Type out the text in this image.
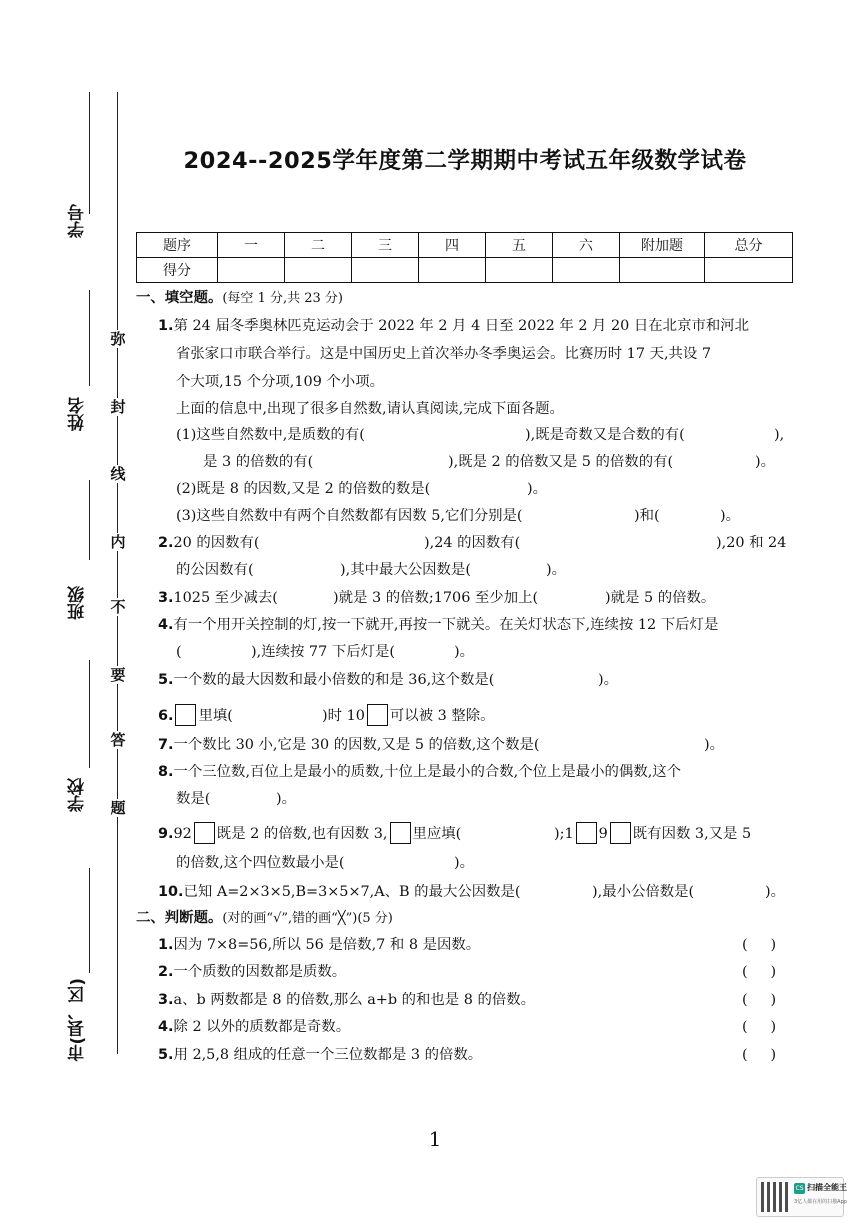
学号
姓名
班级
学校
市(县、区)
弥
封
线
内
不
要
答
题
2024--2025学年度第二学期期中考试五年级数学试卷
题序	一	二	三	四	五	六	附加题	总分
得分								
一、填空题。(每空 1 分,共 23 分)
1.第 24 届冬季奥林匹克运动会于 2022 年 2 月 4 日至 2022 年 2 月 20 日在北京市和河北
省张家口市联合举行。这是中国历史上首次举办冬季奥运会。比赛历时 17 天,共设 7
个大项,15 个分项,109 个小项。
上面的信息中,出现了很多自然数,请认真阅读,完成下面各题。
(1)这些自然数中,是质数的有(	),既是奇数又是合数的有(	),
是 3 的倍数的有(	),既是 2 的倍数又是 5 的倍数的有(	)。
(2)既是 8 的因数,又是 2 的倍数的数是(	)。
(3)这些自然数中有两个自然数都有因数 5,它们分别是(	)和(	)。
2.20 的因数有(	),24 的因数有(	),20 和 24
的公因数有(	),其中最大公因数是(	)。
3.1025 至少减去(	)就是 3 的倍数;1706 至少加上(	)就是 5 的倍数。
4.有一个用开关控制的灯,按一下就开,再按一下就关。在关灯状态下,连续按 12 下后灯是
(	),连续按 77 下后灯是(	)。
5.一个数的最大因数和最小倍数的和是 36,这个数是(	)。
6. 里填(	)时 10 可以被 3 整除。
7.一个数比 30 小,它是 30 的因数,又是 5 的倍数,这个数是(	)。
8.一个三位数,百位上是最小的质数,十位上是最小的合数,个位上是最小的偶数,这个
数是(	)。
9.92 既是 2 的倍数,也有因数 3, 里应填(	);1 9 既有因数 3,又是 5
的倍数,这个四位数最小是(	)。
10.已知 A=2×3×5,B=3×5×7,A、B 的最大公因数是(	),最小公倍数是(	)。
二、判断题。(对的画“√”,错的画“╳”)(5 分)
1.因为 7×8=56,所以 56 是倍数,7 和 8 是因数。	(     )
2.一个质数的因数都是质数。	(     )
3.a、b 两数都是 8 的倍数,那么 a+b 的和也是 8 的倍数。	(     )
4.除 2 以外的质数都是奇数。	(     )
5.用 2,5,8 组成的任意一个三位数都是 3 的倍数。	(     )
1
CS 扫描全能王
3亿人都在用的扫描App
